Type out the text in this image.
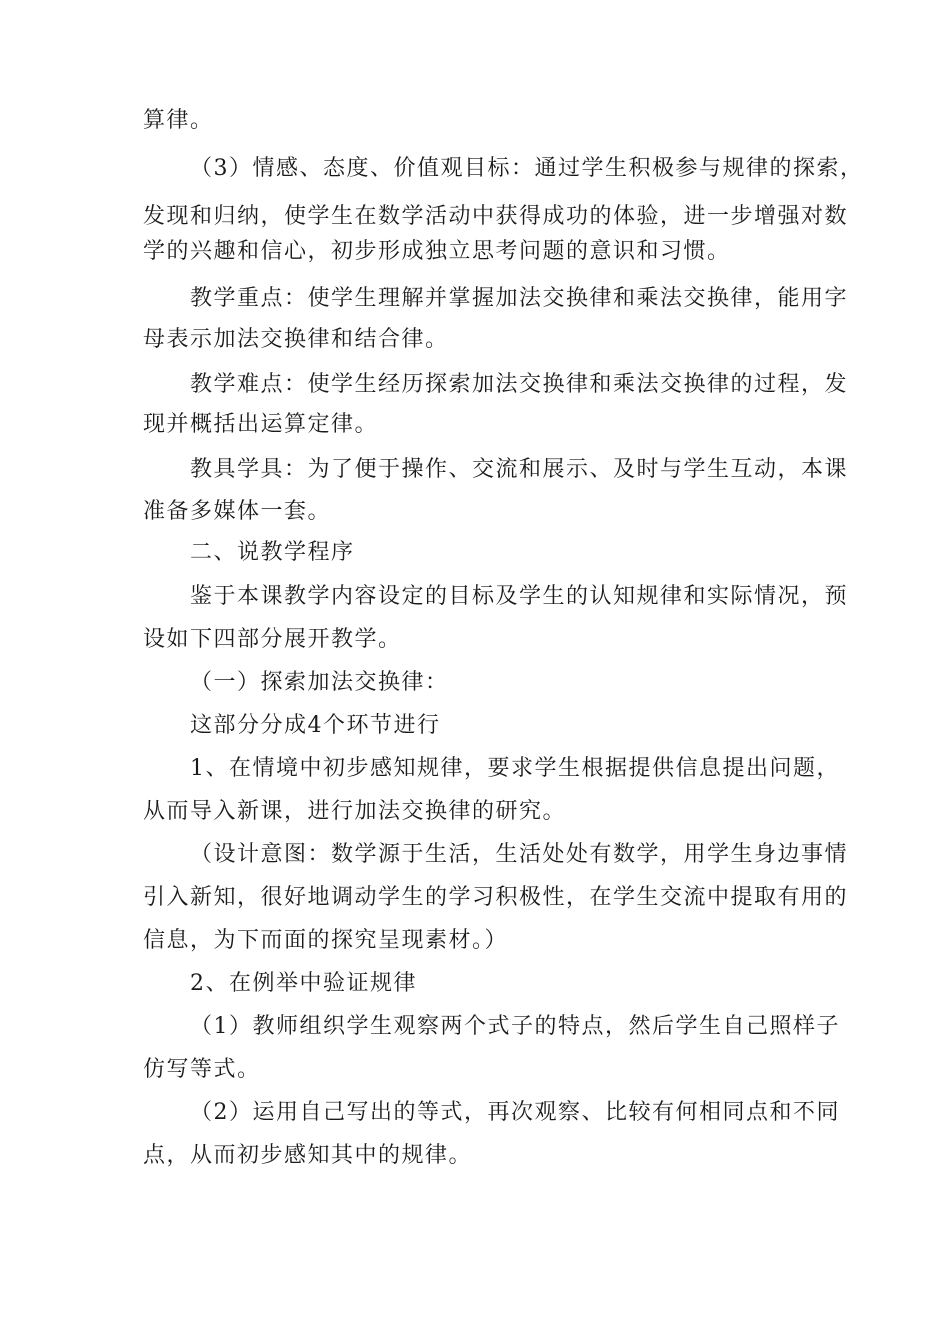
算律。
（3）情感、态度、价值观目标：通过学生积极参与规律的探索，
发现和归纳，使学生在数学活动中获得成功的体验，进一步增强对数
学的兴趣和信心，初步形成独立思考问题的意识和习惯。
教学重点：使学生理解并掌握加法交换律和乘法交换律，能用字
母表示加法交换律和结合律。
教学难点：使学生经历探索加法交换律和乘法交换律的过程，发
现并概括出运算定律。
教具学具：为了便于操作、交流和展示、及时与学生互动，本课
准备多媒体一套。
二、说教学程序
鉴于本课教学内容设定的目标及学生的认知规律和实际情况，预
设如下四部分展开教学。
（一）探索加法交换律：
这部分分成4个环节进行
1、在情境中初步感知规律，要求学生根据提供信息提出问题，
从而导入新课，进行加法交换律的研究。
（设计意图：数学源于生活，生活处处有数学，用学生身边事情
引入新知，很好地调动学生的学习积极性，在学生交流中提取有用的
信息，为下而面的探究呈现素材。）
2、在例举中验证规律
（1）教师组织学生观察两个式子的特点，然后学生自己照样子
仿写等式。
（2）运用自己写出的等式，再次观察、比较有何相同点和不同
点，从而初步感知其中的规律。
